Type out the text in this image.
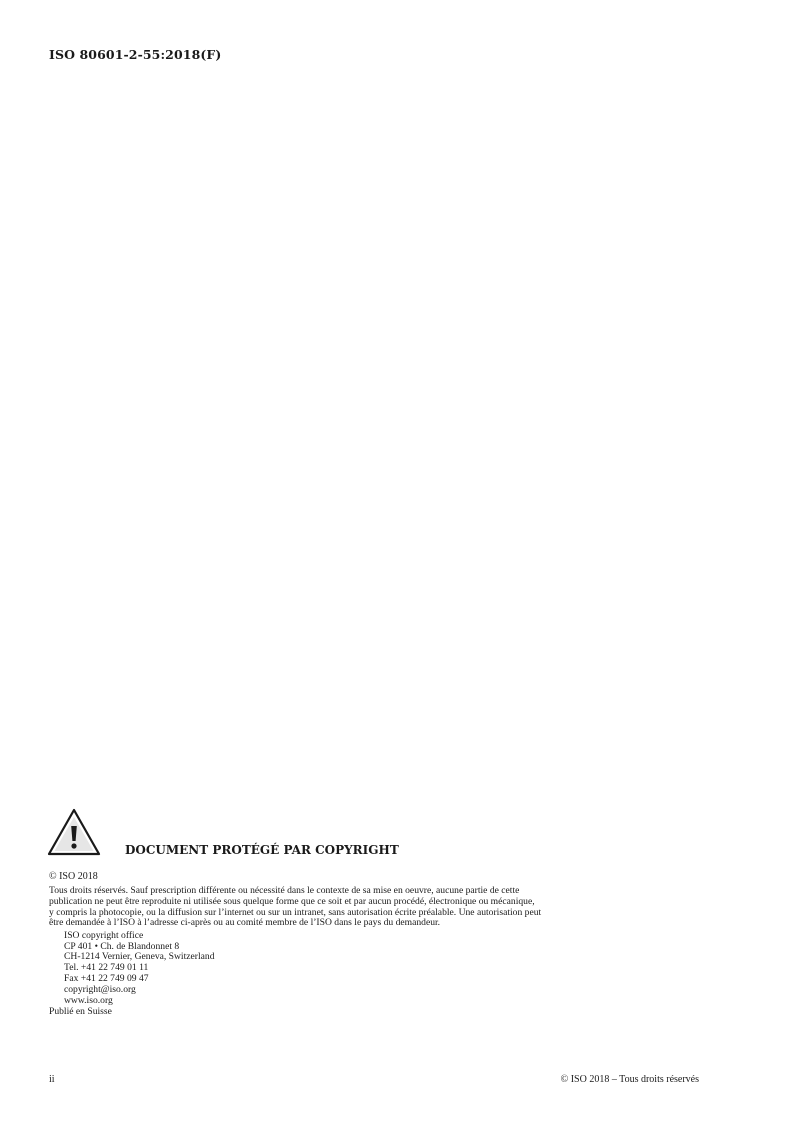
ISO 80601-2-55:2018(F)
DOCUMENT PROTÉGÉ PAR COPYRIGHT
© ISO 2018
Tous droits réservés. Sauf prescription différente ou nécessité dans le contexte de sa mise en oeuvre, aucune partie de cette
publication ne peut être reproduite ni utilisée sous quelque forme que ce soit et par aucun procédé, électronique ou mécanique,
y compris la photocopie, ou la diffusion sur l’internet ou sur un intranet, sans autorisation écrite préalable. Une autorisation peut
être demandée à l’ISO à l’adresse ci-après ou au comité membre de l’ISO dans le pays du demandeur.
ISO copyright office
CP 401 • Ch. de Blandonnet 8
CH-1214 Vernier, Geneva, Switzerland
Tel. +41 22 749 01 11
Fax +41 22 749 09 47
copyright@iso.org
www.iso.org
Publié en Suisse
ii	© ISO 2018 – Tous droits réservés
